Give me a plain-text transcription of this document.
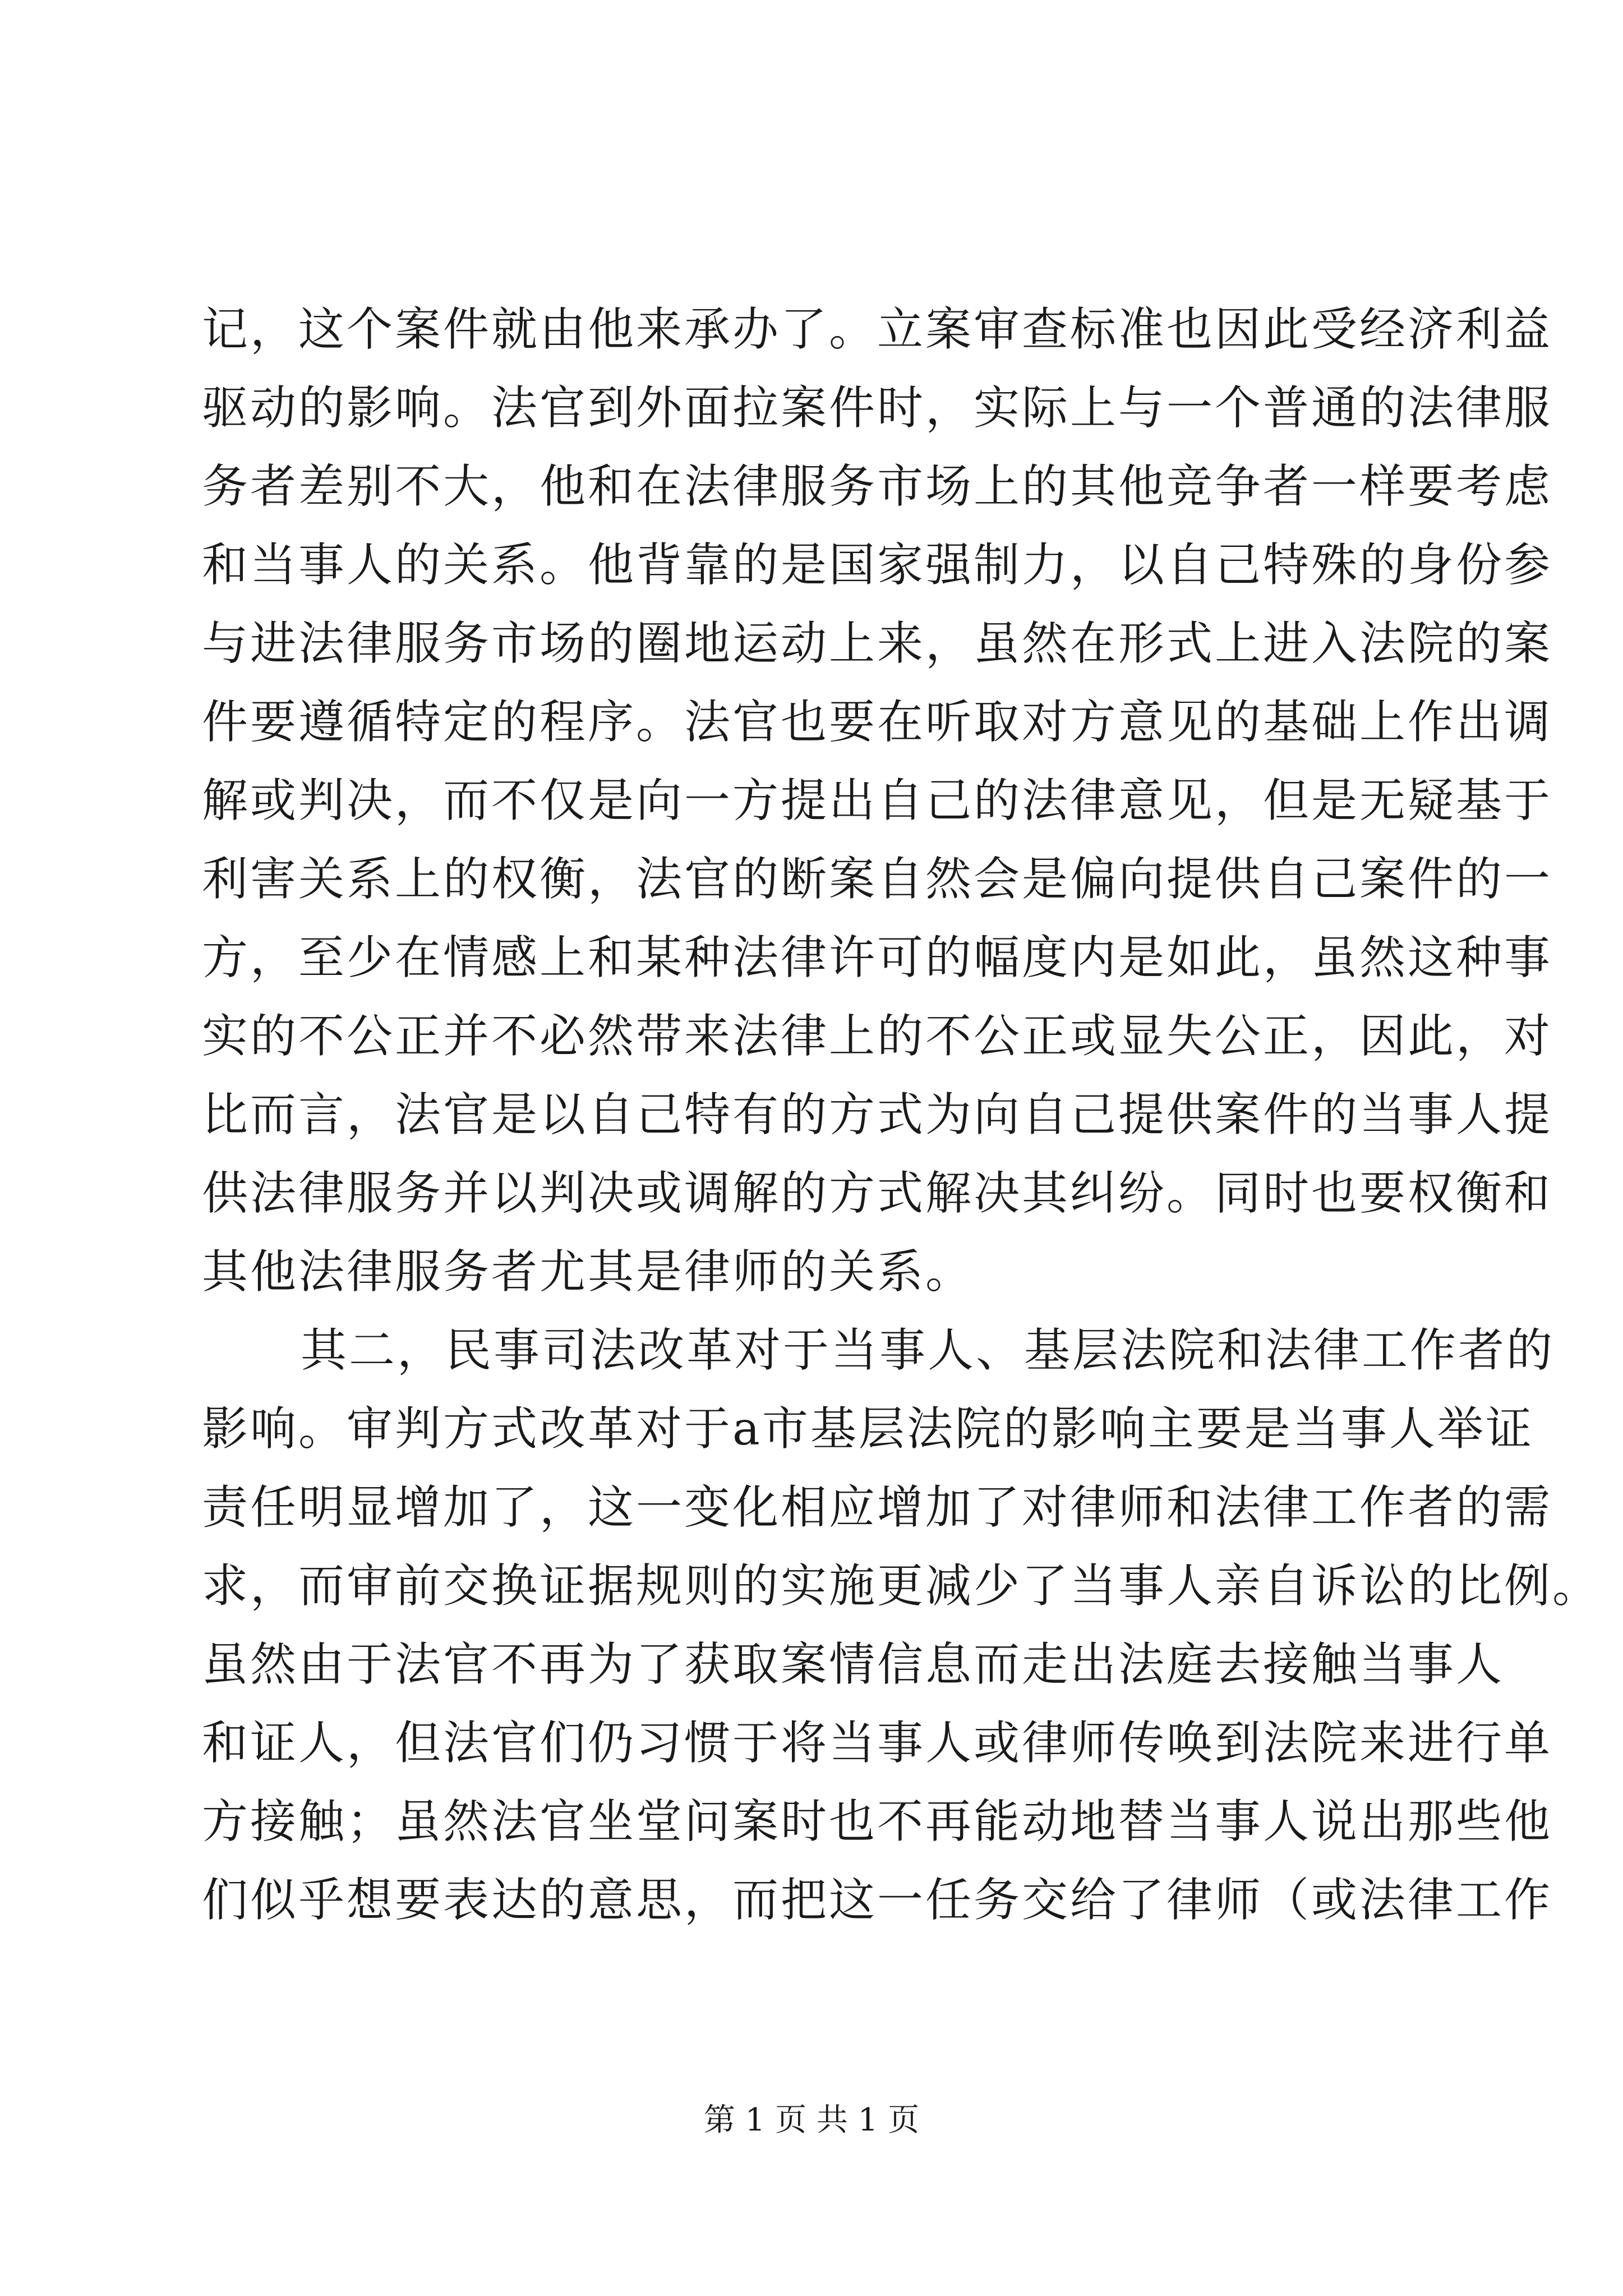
记，这个案件就由他来承办了。立案审查标准也因此受经济利益
驱动的影响。法官到外面拉案件时，实际上与一个普通的法律服
务者差别不大，他和在法律服务市场上的其他竞争者一样要考虑
和当事人的关系。他背靠的是国家强制力，以自己特殊的身份参
与进法律服务市场的圈地运动上来，虽然在形式上进入法院的案
件要遵循特定的程序。法官也要在听取对方意见的基础上作出调
解或判决，而不仅是向一方提出自己的法律意见，但是无疑基于
利害关系上的权衡，法官的断案自然会是偏向提供自己案件的一
方，至少在情感上和某种法律许可的幅度内是如此，虽然这种事
实的不公正并不必然带来法律上的不公正或显失公正，因此，对
比而言，法官是以自己特有的方式为向自己提供案件的当事人提
供法律服务并以判决或调解的方式解决其纠纷。同时也要权衡和
其他法律服务者尤其是律师的关系。
其二，民事司法改革对于当事人、基层法院和法律工作者的
影响。审判方式改革对于a市基层法院的影响主要是当事人举证
责任明显增加了，这一变化相应增加了对律师和法律工作者的需
求，而审前交换证据规则的实施更减少了当事人亲自诉讼的比例。
虽然由于法官不再为了获取案情信息而走出法庭去接触当事人
和证人，但法官们仍习惯于将当事人或律师传唤到法院来进行单
方接触；虽然法官坐堂问案时也不再能动地替当事人说出那些他
们似乎想要表达的意思，而把这一任务交给了律师（或法律工作
第 1 页 共 1 页
